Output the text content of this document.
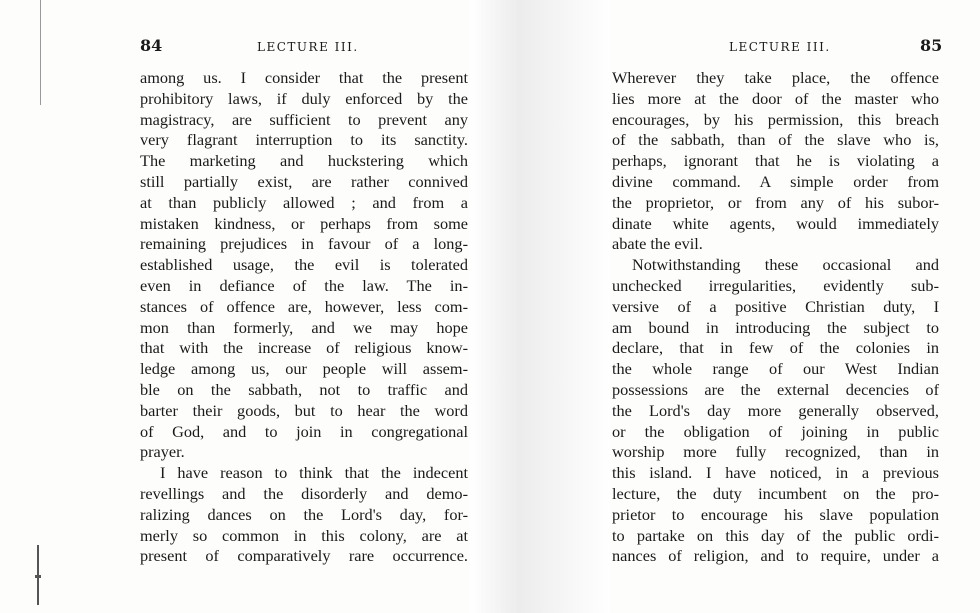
84	LECTURE III.	LECTURE III.	85
among us. I consider that the present
prohibitory laws, if duly enforced by the
magistracy, are sufficient to prevent any
very flagrant interruption to its sanctity.
The marketing and huckstering which
still partially exist, are rather connived
at than publicly allowed ; and from a
mistaken kindness, or perhaps from some
remaining prejudices in favour of a long-
established usage, the evil is tolerated
even in defiance of the law. The in-
stances of offence are, however, less com-
mon than formerly, and we may hope
that with the increase of religious know-
ledge among us, our people will assem-
ble on the sabbath, not to traffic and
barter their goods, but to hear the word
of God, and to join in congregational
prayer.
I have reason to think that the indecent
revellings and the disorderly and demo-
ralizing dances on the Lord's day, for-
merly so common in this colony, are at
present of comparatively rare occurrence.
Wherever they take place, the offence
lies more at the door of the master who
encourages, by his permission, this breach
of the sabbath, than of the slave who is,
perhaps, ignorant that he is violating a
divine command. A simple order from
the proprietor, or from any of his subor-
dinate white agents, would immediately
abate the evil.
Notwithstanding these occasional and
unchecked irregularities, evidently sub-
versive of a positive Christian duty, I
am bound in introducing the subject to
declare, that in few of the colonies in
the whole range of our West Indian
possessions are the external decencies of
the Lord's day more generally observed,
or the obligation of joining in public
worship more fully recognized, than in
this island. I have noticed, in a previous
lecture, the duty incumbent on the pro-
prietor to encourage his slave population
to partake on this day of the public ordi-
nances of religion, and to require, under a
